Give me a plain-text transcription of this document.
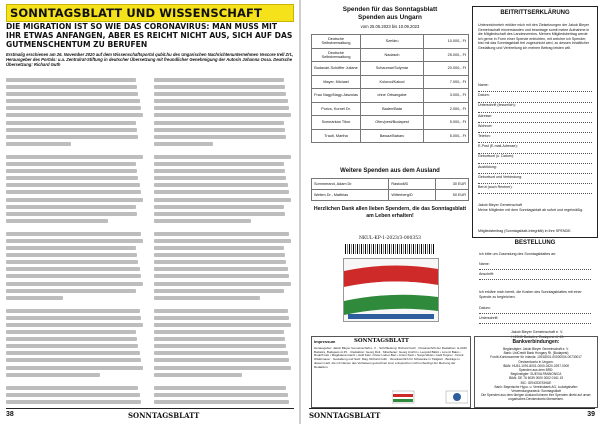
SONNTAGSBLATT UND WISSENSCHAFT
DIE MIGRATION IST SO WIE DAS CORONAVIRUS: MAN MUSS MIT IHR ETWAS ANFANGEN, ABER ES REICHT NICHT AUS, SICH AUF DAS GUTMENSCHENTUM ZU BERUFEN
Erstmalig erschienen am 26. November 2020 auf dem Wissenschaftsportal qubit.hu des Ungarischen Nachrichtenunternehmen Vexcore Irell Zrt., Herausgeber des Portals: u.a. Zentralrat-Stiftung in deutscher Übersetzung mit freundlicher Genehmigung der Autorin Johanna Ossa. Deutsche Übersetzung: Richard Guth
38	SONNTAGSBLATT
Spenden für das Sonntagsblatt
Spenden aus Ungarn
vom 25.05.2023 bis 10.09.2023
Deutsche Selbstverwaltung	Szeldru	10.000,- Ft
Deutsche Selbstverwaltung	Nadasch	25.000,- Ft
Budavári-Schöffer Juliane	Schaumar/Solymár	20.000,- Ft
Mayer, Michael	Kolorod/Kakod	7.000,- Ft
Frau Nagy/Nagy-Jászolas	ohne Ortsangabe	3.000,- Ft
Porics, Kornél Dr.	Baden/Bata	2.000,- Ft
Scemárkan Tibor	Ofen/pest/Budapest	5.000,- Ft
Trautl, Martha	Bawaz/Babarc	5.000,- Ft
Weitere Spenden aus dem Ausland
Sommerand, Adam Dr.	Rastodt/D	30 EUR
Weiten Dr., Matthias	Witterberg/D	50 EUR
Herzlichen Dank allen lieben Spendern, die das Sonntagsblatt am Leben erhalten!
NKUL-KP-1-2023/3-000353
BEITRITTSERKLÄRUNG
Unterzeichnete/r erkläre mich mit den Zielsetzungen der Jakob Bleyer Gemeinschaft einverstanden und beantrage somit meine Aufnahme in die Mitgliedschaft des Landesvereins. Meinen Mitgliedsbeitrag werde ich gerne in Form einer Spende entrichten, mit welcher ich Spender, bist mit das Sonntagsblatt frei zugeschickt wird, zu dessen inhaltlicher Gestaltung und Verbreitung ich meinen Beitrag leisten will.
Name:
Datum:
Unterschrift (lesserlich):
Adresse:
Wohnort:
Telefon:
E-Post (E-mail-Adresse):
Geburtsort (u. Datum):
Ausbildung:
Geburtsort und Verbindung:
Beruf (auch Rentner):
Jakob Bleyer Gemeinschaft
Meine Mitglieder mit dem Sonntagsblatt ab sofort und regelmäßig.
Mitgliedsbeitrag (Sonntagsblatt-Integrität) in Ihre SPENDE.
BESTELLUNG
Ich bitte um Zusendung des Sonntagsblattes an:
Name:
Anschrift:
Ich erkläre mich bereit, die Kosten des Sonntagsblattes mit einer Spende zu begleichen.
Datum:
Unterschrift:
Jakob Bleyer Gemeinschaft e. V.
H-2040 Budaörs, Budapest út 45.
Impressum	SONNTAGSBLATT
Herausgeber: Jakob Bleyer Gemeinschaft e. V. · Schriftleitung: Richard Guth · Postanschrift der Redaktion: H-2040 Budaörs, Budapest út 45. · Redaktion: Georg Rott · Mitarbeiter: Georg Amrhin • Leopold Bálint • Lorenz Bakó • Rudolf Geti • Magdalena Gantz • Helli Katz • Peter Lieber-Bert • Anton Klein • Sonja Weiss • Helli Teigner · Druck: Wiskitmaver · Gestaltung und Satz: Mag. Richard Guth · Verantwortlich für Schwanke in Tätigkeit · Beiträge in diesem Heft, die mit Namen des Verfassers gezeichnet sind, entsprechen nicht unbedingt der Meinung der Redaktion.
Bankverbindungen:
Begünstigter: Jakob Bleyer Gemeinschaft e. V.
Bank: UniCredit Bank Hungary Rt. (Budapest)
Fordít-Kontonummer für Inlands: 10918001-00000004-00730017
Devisenkonto in Ungarn:
IBAN: HU51-1091-8001-0000-0420-0297-0000
Spenden aus dem BRD:
Begünstigter: SUEVIA PANNONICA
IBAN: DE 76 6039 0000 0002 0161 19
BIC: GENODESIHUE
Bank: Bayerische Hypo- u. Vereinsbank AG, Ludwigshafen
Verwendungszweck: Sonntagsblatt
Die Spenden aus dem übrigen Ausland können Ihre Spenden direkt auf unser ungarisches Devisenkonto überweisen.
SONNTAGSBLATT	39
